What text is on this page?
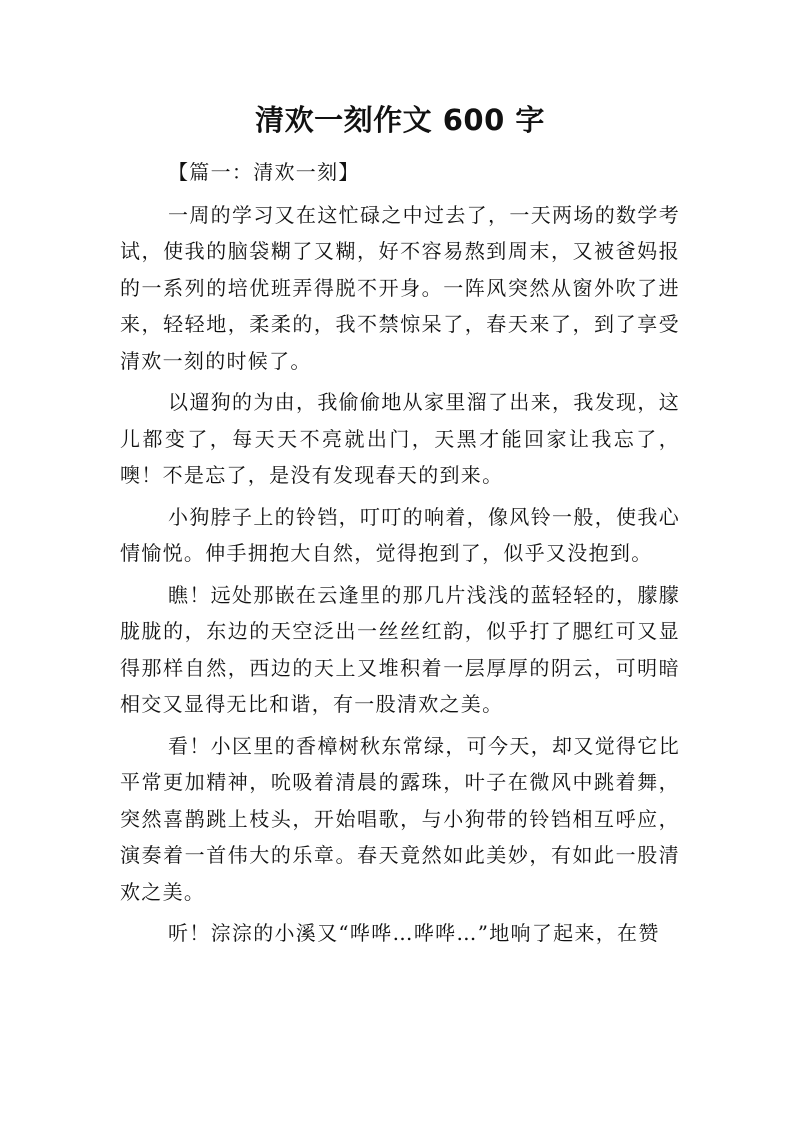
清欢一刻作文 600 字

【篇一：清欢一刻】

一周的学习又在这忙碌之中过去了，一天两场的数学考试，使我的脑袋糊了又糊，好不容易熬到周末，又被爸妈报的一系列的培优班弄得脱不开身。一阵风突然从窗外吹了进来，轻轻地，柔柔的，我不禁惊呆了，春天来了，到了享受清欢一刻的时候了。

以遛狗的为由，我偷偷地从家里溜了出来，我发现，这儿都变了，每天天不亮就出门，天黑才能回家让我忘了，噢！不是忘了，是没有发现春天的到来。

小狗脖子上的铃铛，叮叮的响着，像风铃一般，使我心情愉悦。伸手拥抱大自然，觉得抱到了，似乎又没抱到。

瞧！远处那嵌在云逢里的那几片浅浅的蓝轻轻的，朦朦胧胧的，东边的天空泛出一丝丝红韵，似乎打了腮红可又显得那样自然，西边的天上又堆积着一层厚厚的阴云，可明暗相交又显得无比和谐，有一股清欢之美。

看！小区里的香樟树秋东常绿，可今天，却又觉得它比平常更加精神，吮吸着清晨的露珠，叶子在微风中跳着舞，突然喜鹊跳上枝头，开始唱歌，与小狗带的铃铛相互呼应，演奏着一首伟大的乐章。春天竟然如此美妙，有如此一股清欢之美。

听！淙淙的小溪又“哗哗…哗哗…”地响了起来，在赞
